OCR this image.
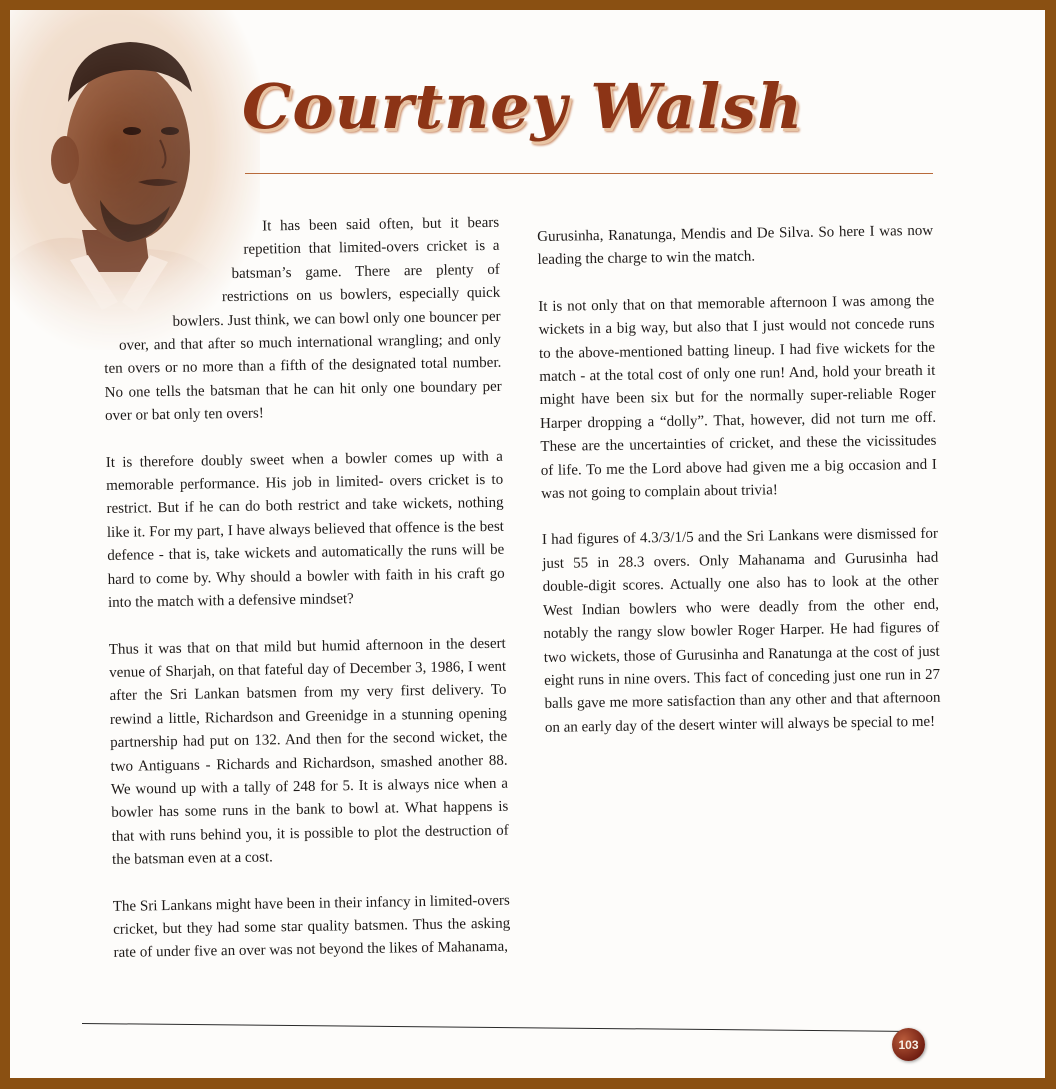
Courtney Walsh

It has been said often, but it bears repetition that limited-overs cricket is a batsman’s game. There are plenty of restrictions on us bowlers, especially quick bowlers. Just think, we can bowl only one bouncer per over, and that after so much international wrangling; and only ten overs or no more than a fifth of the designated total number. No one tells the batsman that he can hit only one boundary per over or bat only ten overs!

It is therefore doubly sweet when a bowler comes up with a memorable performance. His job in limited- overs cricket is to restrict. But if he can do both restrict and take wickets, nothing like it. For my part, I have always believed that offence is the best defence - that is, take wickets and automatically the runs will be hard to come by. Why should a bowler with faith in his craft go into the match with a defensive mindset?

Thus it was that on that mild but humid afternoon in the desert venue of Sharjah, on that fateful day of December 3, 1986, I went after the Sri Lankan batsmen from my very first delivery. To rewind a little, Richardson and Greenidge in a stunning opening partnership had put on 132. And then for the second wicket, the two Antiguans - Richards and Richardson, smashed another 88. We wound up with a tally of 248 for 5. It is always nice when a bowler has some runs in the bank to bowl at. What happens is that with runs behind you, it is possible to plot the destruction of the batsman even at a cost.

The Sri Lankans might have been in their infancy in limited-overs cricket, but they had some star quality batsmen. Thus the asking rate of under five an over was not beyond the likes of Mahanama,

Gurusinha, Ranatunga, Mendis and De Silva. So here I was now leading the charge to win the match.

It is not only that on that memorable afternoon I was among the wickets in a big way, but also that I just would not concede runs to the above-mentioned batting lineup. I had five wickets for the match - at the total cost of only one run! And, hold your breath it might have been six but for the normally super-reliable Roger Harper dropping a “dolly”. That, however, did not turn me off. These are the uncertainties of cricket, and these the vicissitudes of life. To me the Lord above had given me a big occasion and I was not going to complain about trivia!

I had figures of 4.3/3/1/5 and the Sri Lankans were dismissed for just 55 in 28.3 overs. Only Mahanama and Gurusinha had double-digit scores. Actually one also has to look at the other West Indian bowlers who were deadly from the other end, notably the rangy slow bowler Roger Harper. He had figures of two wickets, those of Gurusinha and Ranatunga at the cost of just eight runs in nine overs. This fact of conceding just one run in 27 balls gave me more satisfaction than any other and that afternoon on an early day of the desert winter will always be special to me!

103
